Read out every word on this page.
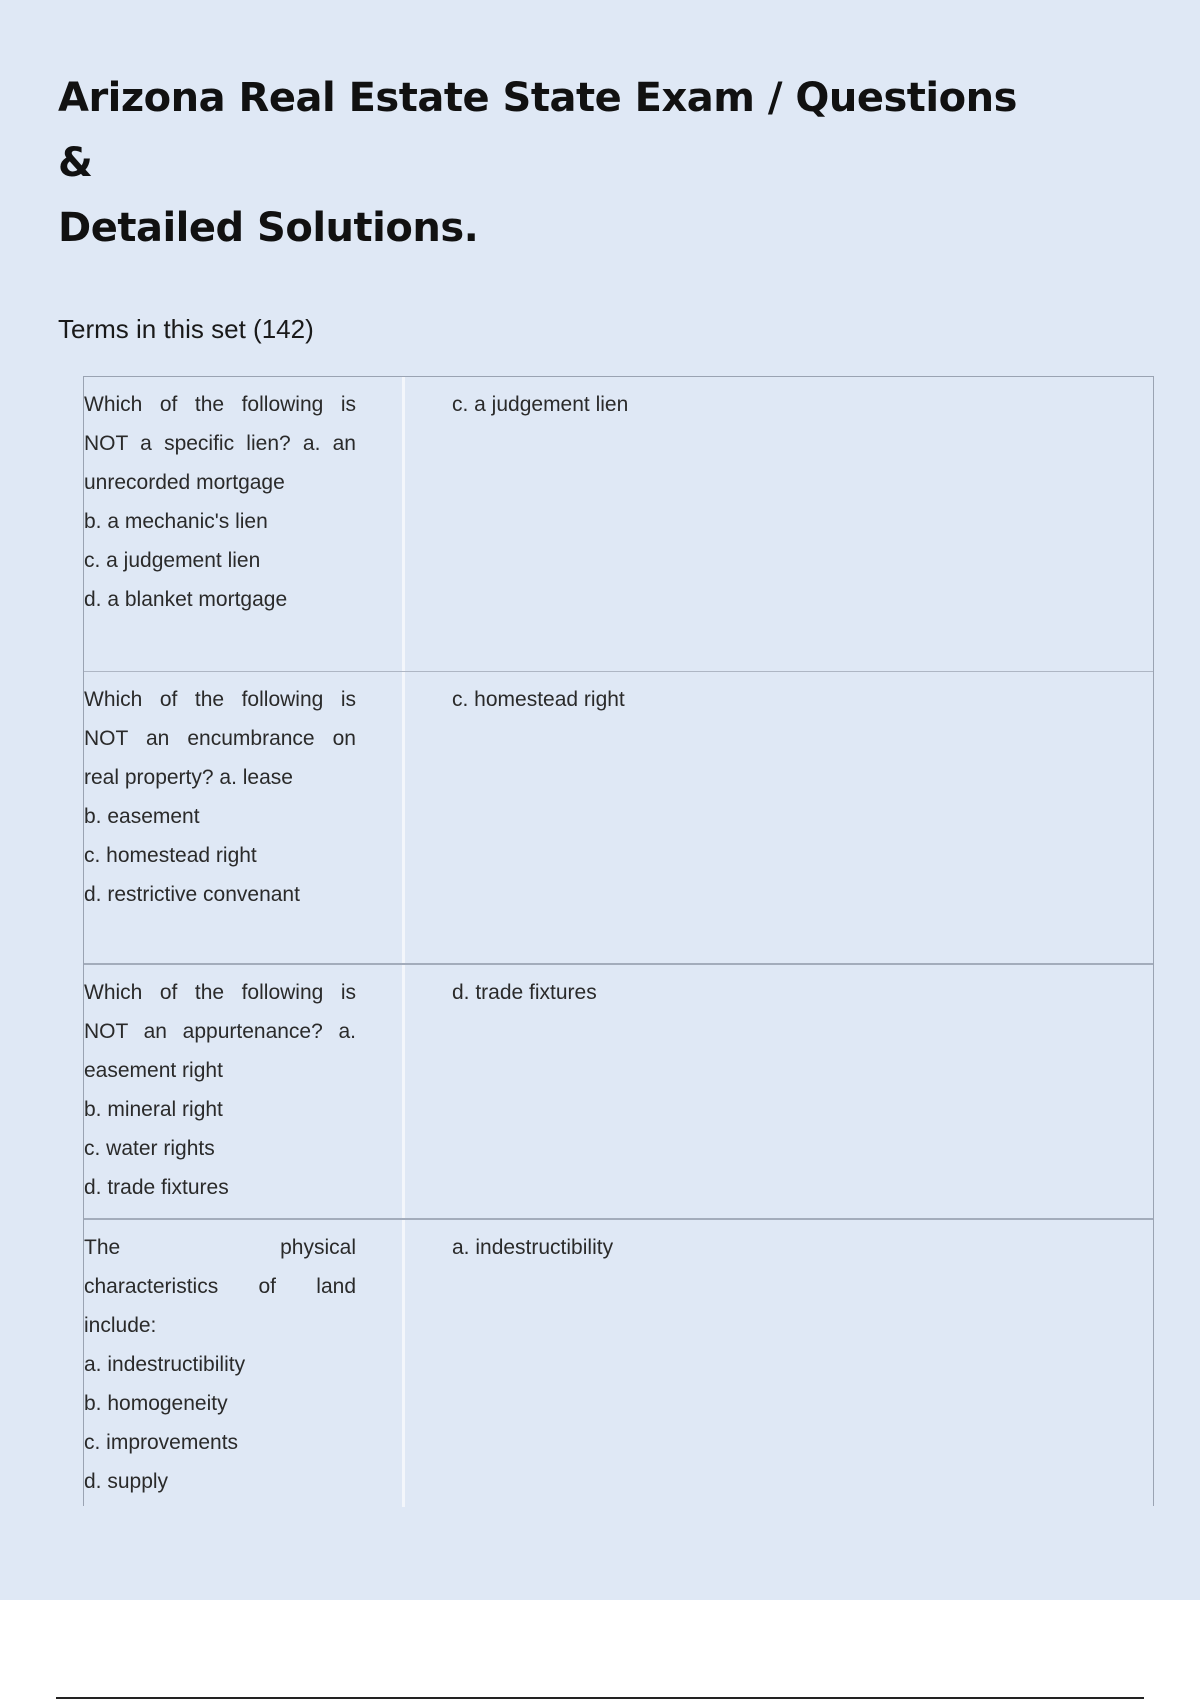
Arizona Real Estate State Exam / Questions &
Detailed Solutions.

Terms in this set (142)

Which of the following is
NOT a specific lien? a. an
unrecorded mortgage
b. a mechanic's lien
c. a judgement lien
d. a blanket mortgage

c. a judgement lien

Which of the following is
NOT an encumbrance on
real property? a. lease
b. easement
c. homestead right
d. restrictive convenant

c. homestead right

Which of the following is
NOT an appurtenance? a.
easement right
b. mineral right
c. water rights
d. trade fixtures

d. trade fixtures

The physical
characteristics of land
include:
a. indestructibility
b. homogeneity
c. improvements
d. supply

a. indestructibility
